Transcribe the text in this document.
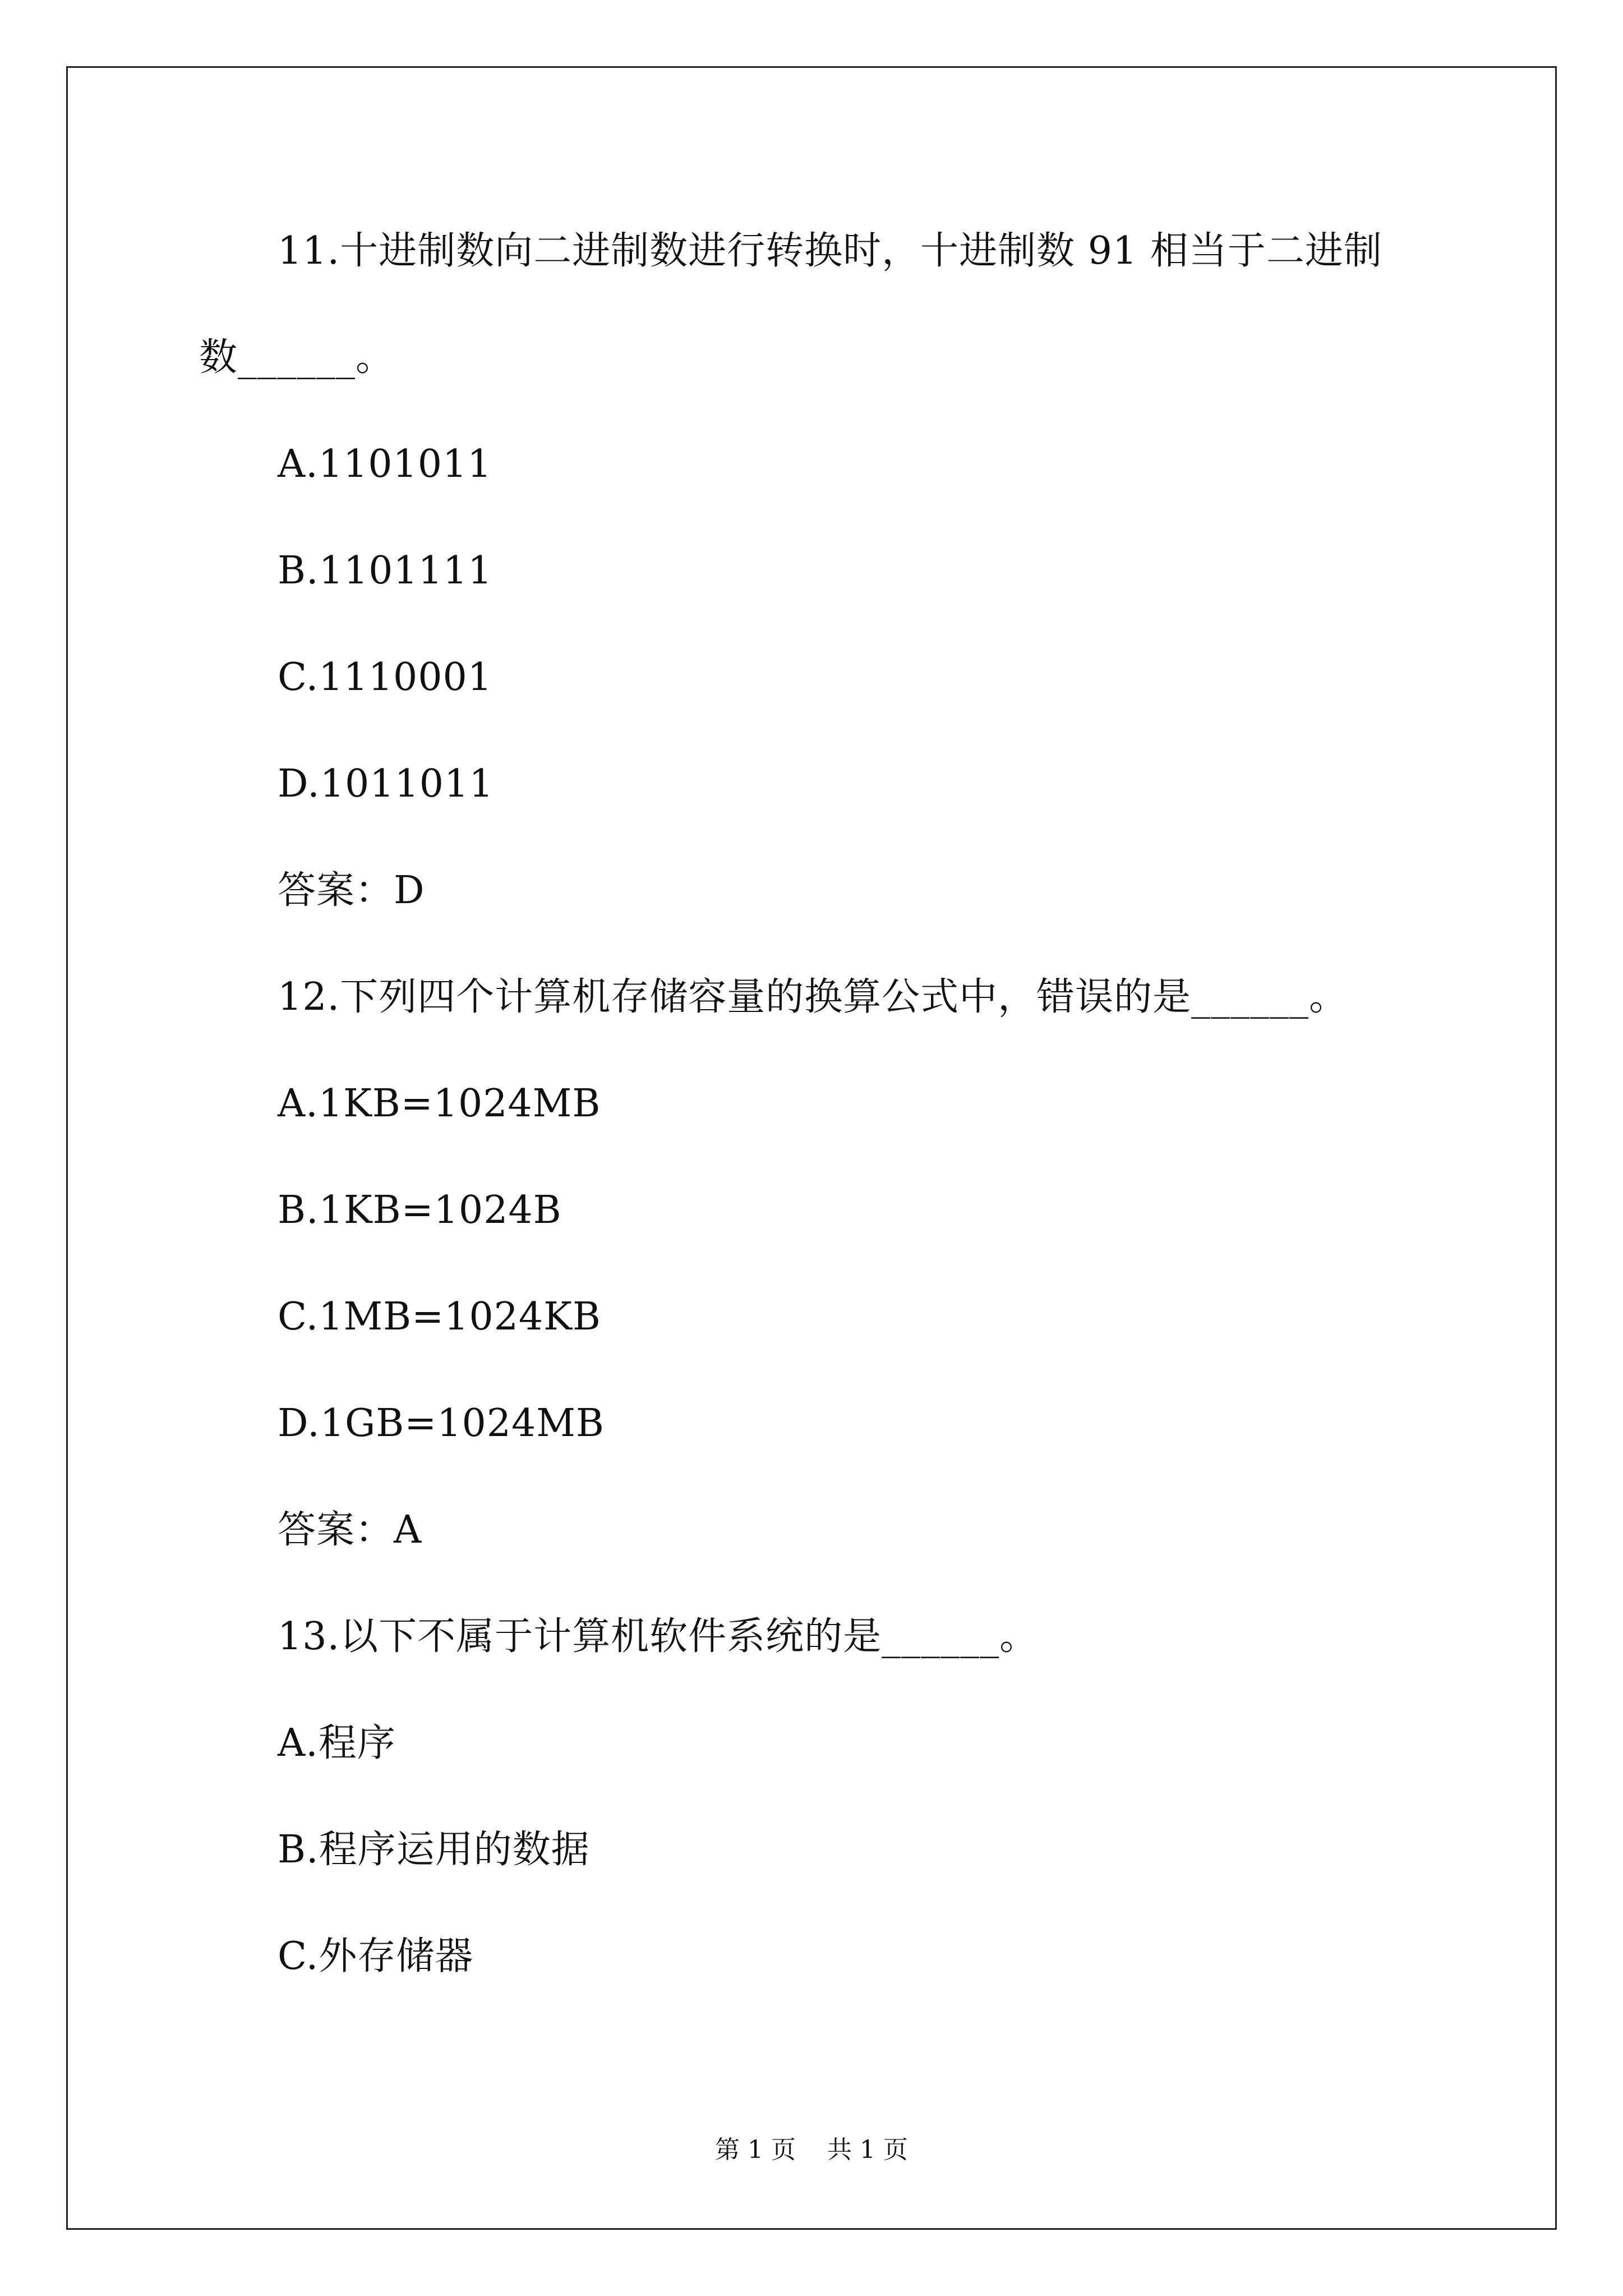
11.十进制数向二进制数进行转换时，十进制数 91 相当于二进制
数______。
A.1101011
B.1101111
C.1110001
D.1011011
答案：D
12.下列四个计算机存储容量的换算公式中，错误的是______。
A.1KB=1024MB
B.1KB=1024B
C.1MB=1024KB
D.1GB=1024MB
答案：A
13.以下不属于计算机软件系统的是______。
A.程序
B.程序运用的数据
C.外存储器
第 1 页    共 1 页
